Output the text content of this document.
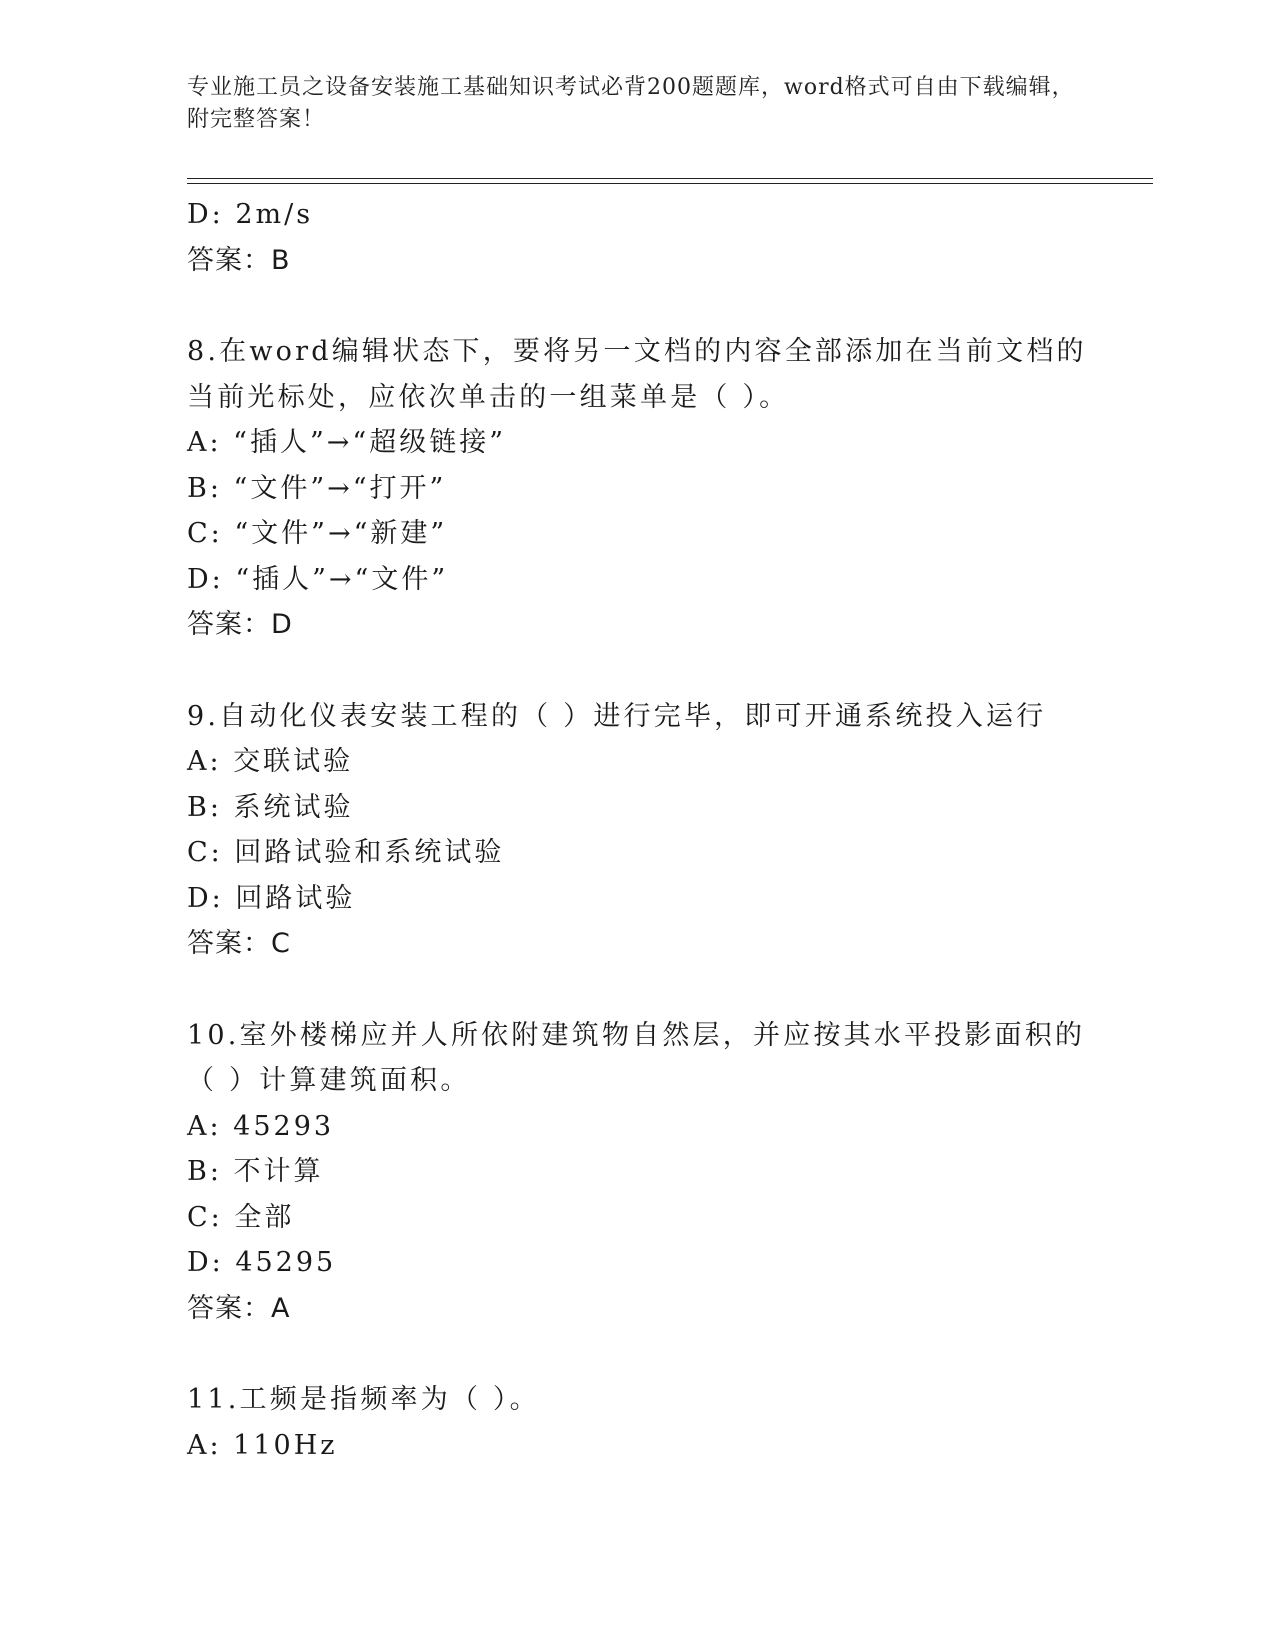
专业施工员之设备安装施工基础知识考试必背200题题库，word格式可自由下载编辑，附完整答案！
D: 2m/s
答案：B
8.在word编辑状态下，要将另一文档的内容全部添加在当前文档的当前光标处，应依次单击的一组菜单是（ ）。
A: “插人”→“超级链接”
B: “文件”→“打开”
C: “文件”→“新建”
D: “插人”→“文件”
答案：D
9.自动化仪表安装工程的（ ）进行完毕，即可开通系统投入运行
A: 交联试验
B: 系统试验
C: 回路试验和系统试验
D: 回路试验
答案：C
10.室外楼梯应并人所依附建筑物自然层，并应按其水平投影面积的（ ）计算建筑面积。
A: 45293
B: 不计算
C: 全部
D: 45295
答案：A
11.工频是指频率为（ ）。
A: 110Hz
